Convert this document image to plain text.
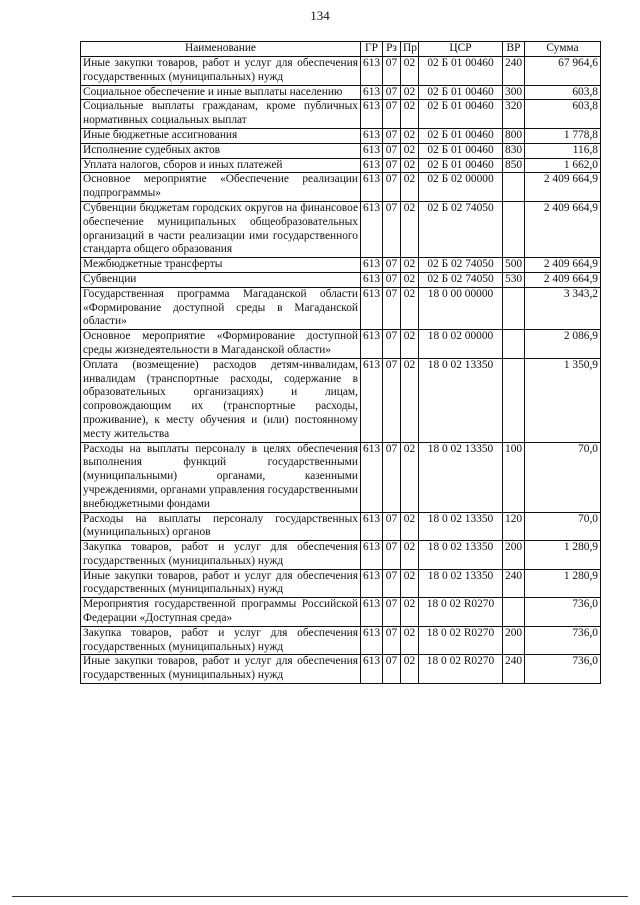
134
Наименование	ГР	Рз	Пр	ЦСР	ВР	Сумма
Иные закупки товаров, работ и услуг для обеспечения государственных (муниципальных) нужд	613	07	02	02 Б 01 00460	240	67 964,6
Социальное обеспечение и иные выплаты населению	613	07	02	02 Б 01 00460	300	603,8
Социальные выплаты гражданам, кроме публичных нормативных социальных выплат	613	07	02	02 Б 01 00460	320	603,8
Иные бюджетные ассигнования	613	07	02	02 Б 01 00460	800	1 778,8
Исполнение судебных актов	613	07	02	02 Б 01 00460	830	116,8
Уплата налогов, сборов и иных платежей	613	07	02	02 Б 01 00460	850	1 662,0
Основное мероприятие «Обеспечение реализации подпрограммы»	613	07	02	02 Б 02 00000		2 409 664,9
Субвенции бюджетам городских округов на финансовое обеспечение муниципальных общеобразовательных организаций в части реализации ими государственного стандарта общего образования	613	07	02	02 Б 02 74050		2 409 664,9
Межбюджетные трансферты	613	07	02	02 Б 02 74050	500	2 409 664,9
Субвенции	613	07	02	02 Б 02 74050	530	2 409 664,9
Государственная программа Магаданской области «Формирование доступной среды в Магаданской области»	613	07	02	18 0 00 00000		3 343,2
Основное мероприятие «Формирование доступной среды жизнедеятельности в Магаданской области»	613	07	02	18 0 02 00000		2 086,9
Оплата (возмещение) расходов детям-инвалидам, инвалидам (транспортные расходы, содержание в образовательных организациях) и лицам, сопровождающим их (транспортные расходы, проживание), к месту обучения и (или) постоянному месту жительства	613	07	02	18 0 02 13350		1 350,9
Расходы на выплаты персоналу в целях обеспечения выполнения функций государственными (муниципальными) органами, казенными учреждениями, органами управления государственными внебюджетными фондами	613	07	02	18 0 02 13350	100	70,0
Расходы на выплаты персоналу государственных (муниципальных) органов	613	07	02	18 0 02 13350	120	70,0
Закупка товаров, работ и услуг для обеспечения государственных (муниципальных) нужд	613	07	02	18 0 02 13350	200	1 280,9
Иные закупки товаров, работ и услуг для обеспечения государственных (муниципальных) нужд	613	07	02	18 0 02 13350	240	1 280,9
Мероприятия государственной программы Российской Федерации «Доступная среда»	613	07	02	18 0 02 R0270		736,0
Закупка товаров, работ и услуг для обеспечения государственных (муниципальных) нужд	613	07	02	18 0 02 R0270	200	736,0
Иные закупки товаров, работ и услуг для обеспечения государственных (муниципальных) нужд	613	07	02	18 0 02 R0270	240	736,0
